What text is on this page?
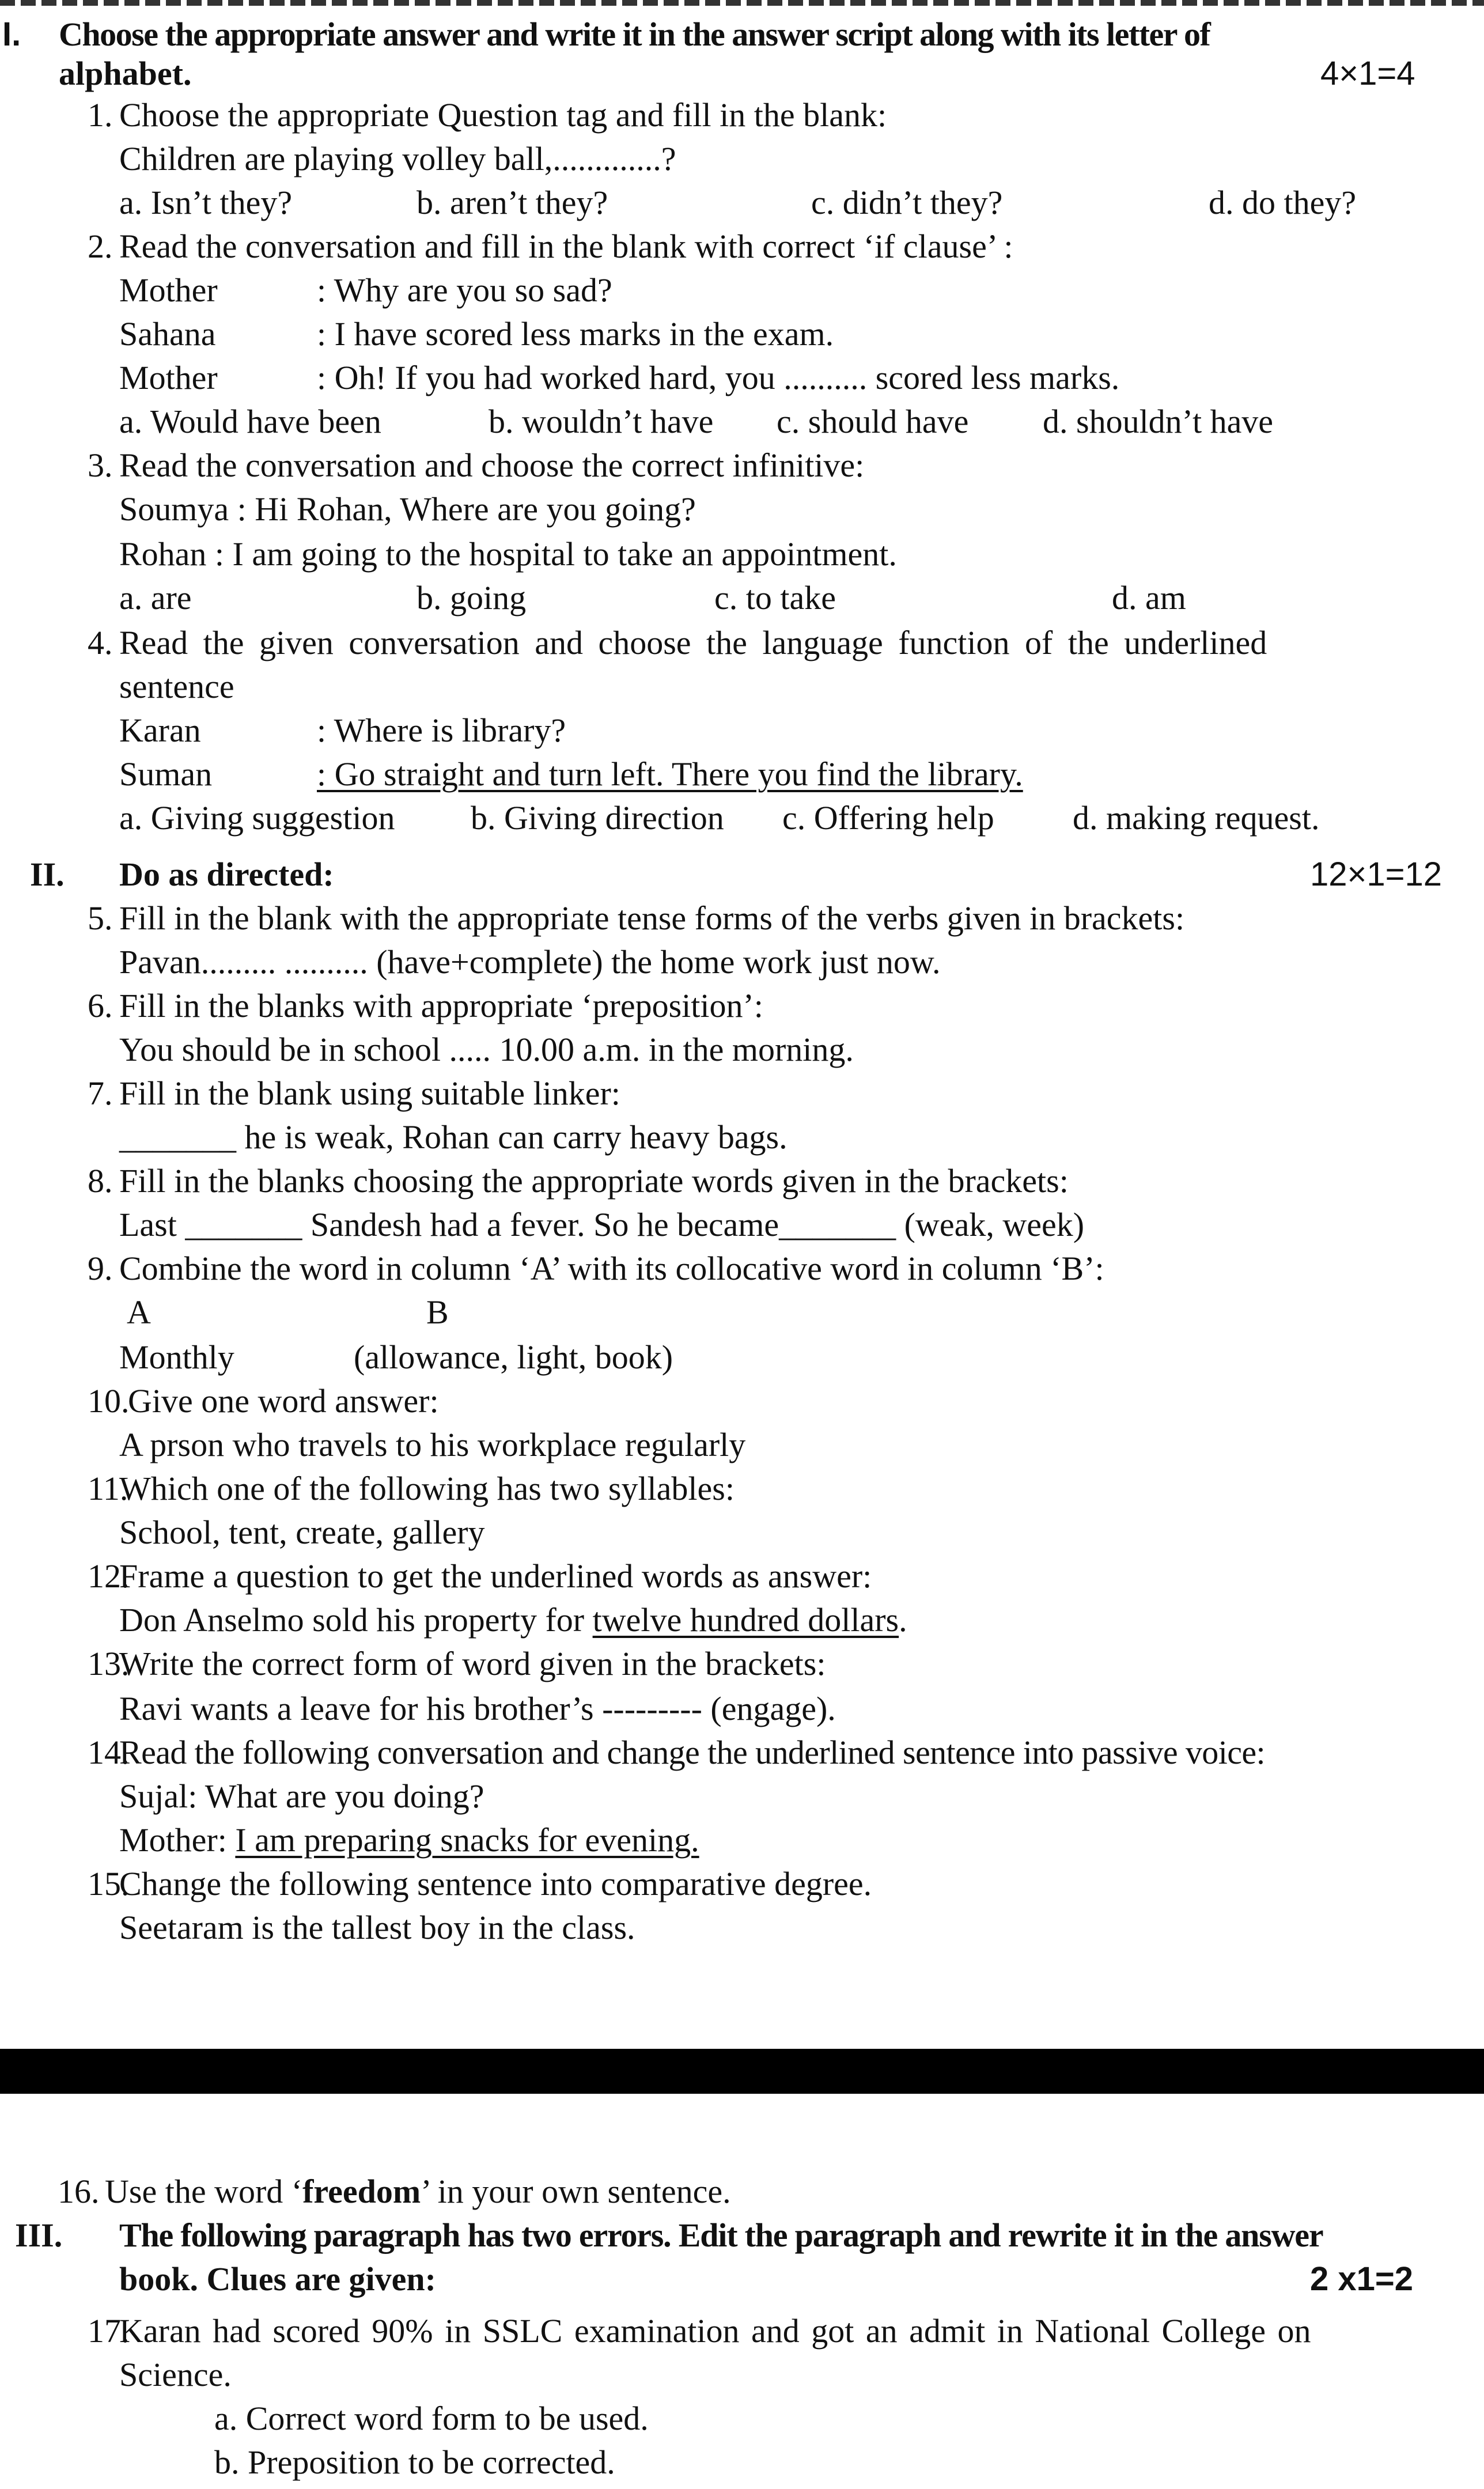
I. Choose the appropriate answer and write it in the answer script along with its letter of
alphabet.	4×1=4
1. Choose the appropriate Question tag and fill in the blank:
Children are playing volley ball,.............?
a. Isn’t they?	b. aren’t they?	c. didn’t they?	d. do they?
2. Read the conversation and fill in the blank with correct ‘if clause’ :
Mother	: Why are you so sad?
Sahana	: I have scored less marks in the exam.
Mother	: Oh! If you had worked hard, you .......... scored less marks.
a. Would have been	b. wouldn’t have c. should have d. shouldn’t have
3. Read the conversation and choose the correct infinitive:
Soumya : Hi Rohan, Where are you going?
Rohan : I am going to the hospital to take an appointment.
a. are	b. going	c. to take	d. am
4. Read the given conversation and choose the language function of the underlined
sentence
Karan	: Where is library?
Suman	: Go straight and turn left. There you find the library.
a. Giving suggestion b. Giving direction c. Offering help d. making request.
II. Do as directed:	12×1=12
5. Fill in the blank with the appropriate tense forms of the verbs given in brackets:
Pavan......... .......... (have+complete) the home work just now.
6. Fill in the blanks with appropriate ‘preposition’:
You should be in school ..... 10.00 a.m. in the morning.
7. Fill in the blank using suitable linker:
_______ he is weak, Rohan can carry heavy bags.
8. Fill in the blanks choosing the appropriate words given in the brackets:
Last _______ Sandesh had a fever. So he became_______ (weak, week)
9. Combine the word in column ‘A’ with its collocative word in column ‘B’:
A	B
Monthly	(allowance, light, book)
10.
Give one word answer:
A prson who travels to his workplace regularly
11.
Which one of the following has two syllables:
School, tent, create, gallery
12.
Frame a question to get the underlined words as answer:
Don Anselmo sold his property for twelve hundred dollars.
13.
Write the correct form of word given in the brackets:
Ravi wants a leave for his brother’s --------- (engage).
14.
Read the following conversation and change the underlined sentence into passive voice:
Sujal: What are you doing?
Mother: I am preparing snacks for evening.
15.
Change the following sentence into comparative degree.
Seetaram is the tallest boy in the class.
16. Use the word ‘freedom’ in your own sentence.
III. The following paragraph has two errors. Edit the paragraph and rewrite it in the answer
book. Clues are given:	2 x1=2
17.
Karan had scored 90% in SSLC examination and got an admit in National College on
Science.
a. Correct word form to be used.
b. Preposition to be corrected.
